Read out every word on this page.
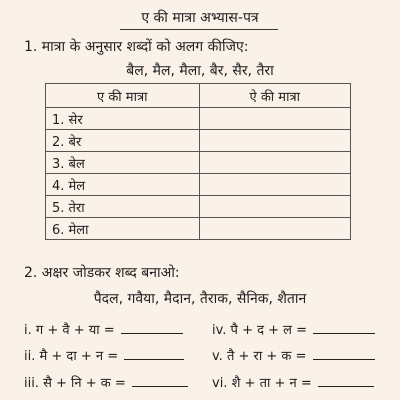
ए की मात्रा अभ्यास-पत्र
1. मात्रा के अनुसार शब्दों को अलग कीजिए:
बैल, मैल, मैला, बैर, सैर, तैरा
ए की मात्रा	ऐ की मात्रा
1. सेर	
2. बेर	
3. बेल	
4. मेल	
5. तेरा	
6. मेला	
2. अक्षर जोडकर शब्द बनाओ:
पैदल, गवैया, मैदान, तैराक, सैनिक, शैतान
i. ग + वै + या =	iv. पै + द + ल =
ii. मै + दा + न =	v. तै + रा + क =
iii. सै + नि + क =	vi. शै + ता + न =
